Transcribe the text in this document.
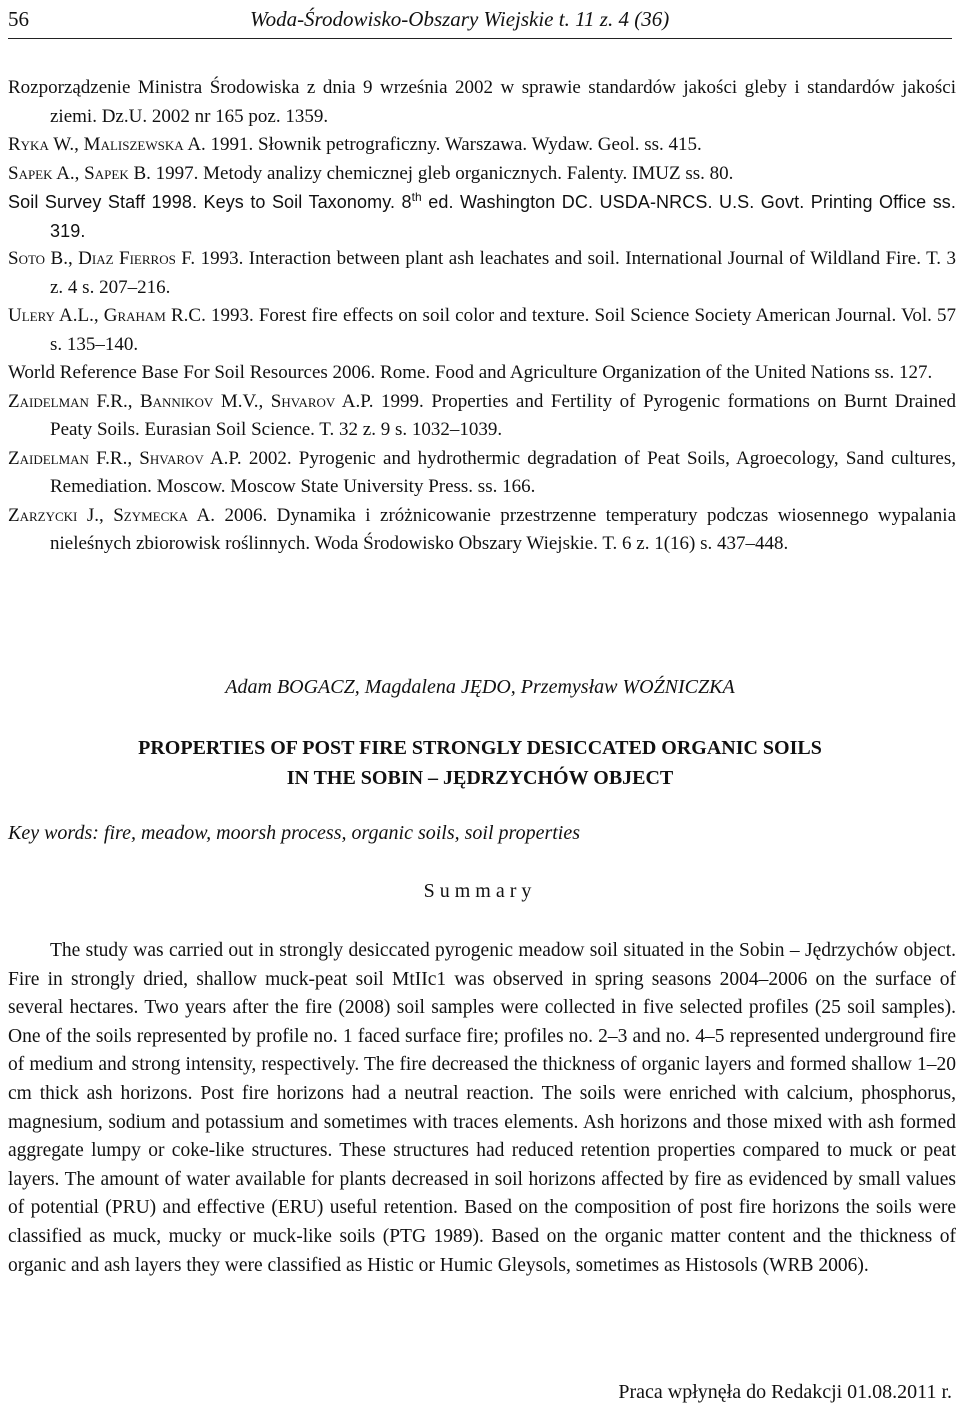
56	Woda-Środowisko-Obszary Wiejskie t. 11 z. 4 (36)
Rozporządzenie Ministra Środowiska z dnia 9 września 2002 w sprawie standardów jakości gleby i standardów jakości ziemi. Dz.U. 2002 nr 165 poz. 1359.
Ryka W., Maliszewska A. 1991. Słownik petrograficzny. Warszawa. Wydaw. Geol. ss. 415.
Sapek A., Sapek B. 1997. Metody analizy chemicznej gleb organicznych. Falenty. IMUZ ss. 80.
Soil Survey Staff 1998. Keys to Soil Taxonomy. 8th ed. Washington DC. USDA-NRCS. U.S. Govt. Printing Office ss. 319.
Soto B., Diaz Fierros F. 1993. Interaction between plant ash leachates and soil. International Journal of Wildland Fire. T. 3 z. 4 s. 207–216.
Ulery A.L., Graham R.C. 1993. Forest fire effects on soil color and texture. Soil Science Society American Journal. Vol. 57 s. 135–140.
World Reference Base For Soil Resources 2006. Rome. Food and Agriculture Organization of the United Nations ss. 127.
Zaidelman F.R., Bannikov M.V., Shvarov A.P. 1999. Properties and Fertility of Pyrogenic formations on Burnt Drained Peaty Soils. Eurasian Soil Science. T. 32 z. 9 s. 1032–1039.
Zaidelman F.R., Shvarov A.P. 2002. Pyrogenic and hydrothermic degradation of Peat Soils, Agroecology, Sand cultures, Remediation. Moscow. Moscow State University Press. ss. 166.
Zarzycki J., Szymecka A. 2006. Dynamika i zróżnicowanie przestrzenne temperatury podczas wiosennego wypalania nieleśnych zbiorowisk roślinnych. Woda Środowisko Obszary Wiejskie. T. 6 z. 1(16) s. 437–448.
Adam BOGACZ, Magdalena JĘDO, Przemysław WOŹNICZKA
PROPERTIES OF POST FIRE STRONGLY DESICCATED ORGANIC SOILS
IN THE SOBIN – JĘDRZYCHÓW OBJECT
Key words: fire, meadow, moorsh process, organic soils, soil properties
Summary

The study was carried out in strongly desiccated pyrogenic meadow soil situated in the Sobin – Jędrzychów object. Fire in strongly dried, shallow muck-peat soil MtIIc1 was observed in spring seasons 2004–2006 on the surface of several hectares. Two years after the fire (2008) soil samples were collected in five selected profiles (25 soil samples). One of the soils represented by profile no. 1 faced surface fire; profiles no. 2–3 and no. 4–5 represented underground fire of medium and strong intensity, respectively. The fire decreased the thickness of organic layers and formed shallow 1–20 cm thick ash horizons. Post fire horizons had a neutral reaction. The soils were enriched with calcium, phosphorus, magnesium, sodium and potassium and sometimes with traces elements. Ash horizons and those mixed with ash formed aggregate lumpy or coke-like structures. These structures had reduced retention properties compared to muck or peat layers. The amount of water available for plants decreased in soil horizons affected by fire as evidenced by small values of potential (PRU) and effective (ERU) useful retention. Based on the composition of post fire horizons the soils were classified as muck, mucky or muck-like soils (PTG 1989). Based on the organic matter content and the thickness of organic and ash layers they were classified as Histic or Humic Gleysols, sometimes as Histosols (WRB 2006).

Praca wpłynęła do Redakcji 01.08.2011 r.
